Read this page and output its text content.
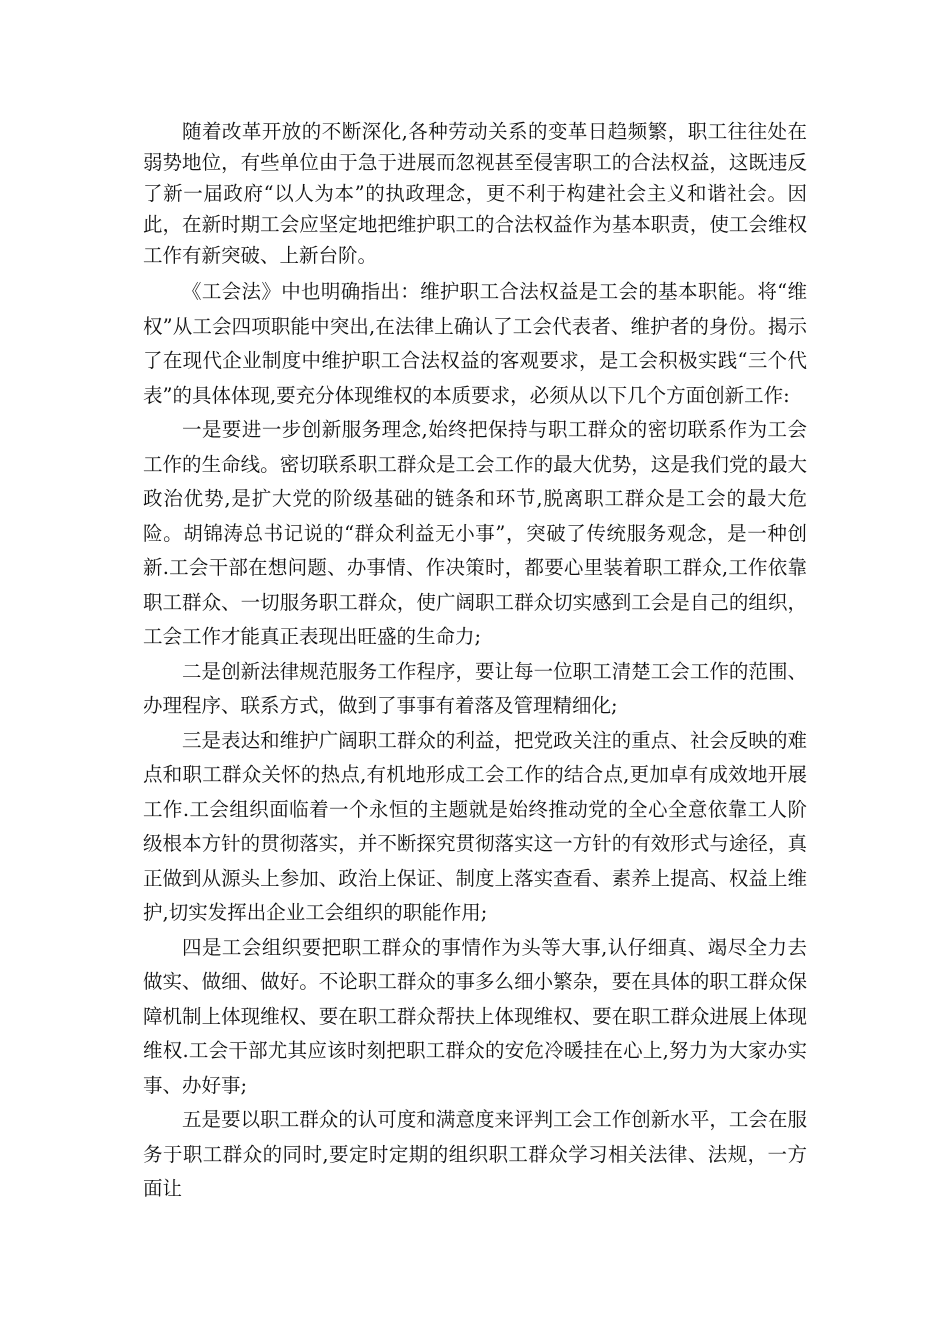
随着改革开放的不断深化,各种劳动关系的变革日趋频繁，职工往往处在弱势地位，有些单位由于急于进展而忽视甚至侵害职工的合法权益，这既违反了新一届政府“以人为本”的执政理念，更不利于构建社会主义和谐社会。因此，在新时期工会应坚定地把维护职工的合法权益作为基本职责，使工会维权工作有新突破、上新台阶。

《工会法》中也明确指出：维护职工合法权益是工会的基本职能。将“维权”从工会四项职能中突出,在法律上确认了工会代表者、维护者的身份。揭示了在现代企业制度中维护职工合法权益的客观要求，是工会积极实践“三个代表”的具体体现,要充分体现维权的本质要求，必须从以下几个方面创新工作:

一是要进一步创新服务理念,始终把保持与职工群众的密切联系作为工会工作的生命线。密切联系职工群众是工会工作的最大优势，这是我们党的最大政治优势,是扩大党的阶级基础的链条和环节,脱离职工群众是工会的最大危险。胡锦涛总书记说的“群众利益无小事”，突破了传统服务观念，是一种创新.工会干部在想问题、办事情、作决策时，都要心里装着职工群众,工作依靠职工群众、一切服务职工群众，使广阔职工群众切实感到工会是自己的组织，工会工作才能真正表现出旺盛的生命力;

二是创新法律规范服务工作程序，要让每一位职工清楚工会工作的范围、办理程序、联系方式，做到了事事有着落及管理精细化;

三是表达和维护广阔职工群众的利益，把党政关注的重点、社会反映的难点和职工群众关怀的热点,有机地形成工会工作的结合点,更加卓有成效地开展工作.工会组织面临着一个永恒的主题就是始终推动党的全心全意依靠工人阶级根本方针的贯彻落实，并不断探究贯彻落实这一方针的有效形式与途径，真正做到从源头上参加、政治上保证、制度上落实查看、素养上提高、权益上维护,切实发挥出企业工会组织的职能作用;

四是工会组织要把职工群众的事情作为头等大事,认仔细真、竭尽全力去做实、做细、做好。不论职工群众的事多么细小繁杂，要在具体的职工群众保障机制上体现维权、要在职工群众帮扶上体现维权、要在职工群众进展上体现维权.工会干部尤其应该时刻把职工群众的安危冷暖挂在心上,努力为大家办实事、办好事;

五是要以职工群众的认可度和满意度来评判工会工作创新水平，工会在服务于职工群众的同时,要定时定期的组织职工群众学习相关法律、法规，一方面让
